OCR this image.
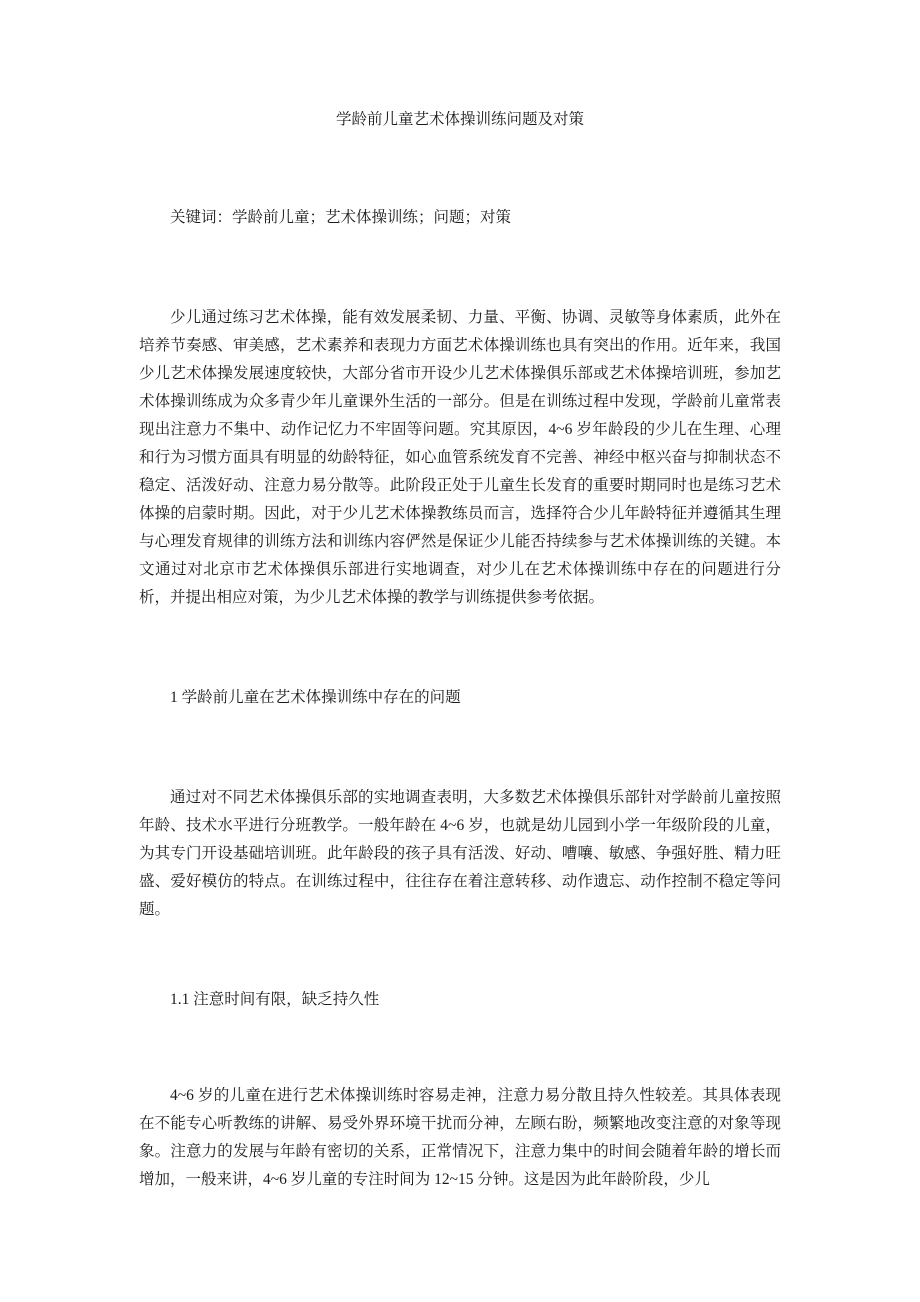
学龄前儿童艺术体操训练问题及对策

关键词：学龄前儿童；艺术体操训练；问题；对策

少儿通过练习艺术体操，能有效发展柔韧、力量、平衡、协调、灵敏等身体素质，此外在培养节奏感、审美感，艺术素养和表现力方面艺术体操训练也具有突出的作用。近年来，我国少儿艺术体操发展速度较快，大部分省市开设少儿艺术体操俱乐部或艺术体操培训班，参加艺术体操训练成为众多青少年儿童课外生活的一部分。但是在训练过程中发现，学龄前儿童常表现出注意力不集中、动作记忆力不牢固等问题。究其原因，4~6 岁年龄段的少儿在生理、心理和行为习惯方面具有明显的幼龄特征，如心血管系统发育不完善、神经中枢兴奋与抑制状态不稳定、活泼好动、注意力易分散等。此阶段正处于儿童生长发育的重要时期同时也是练习艺术体操的启蒙时期。因此，对于少儿艺术体操教练员而言，选择符合少儿年龄特征并遵循其生理与心理发育规律的训练方法和训练内容俨然是保证少儿能否持续参与艺术体操训练的关键。本文通过对北京市艺术体操俱乐部进行实地调查，对少儿在艺术体操训练中存在的问题进行分析，并提出相应对策，为少儿艺术体操的教学与训练提供参考依据。

1 学龄前儿童在艺术体操训练中存在的问题

通过对不同艺术体操俱乐部的实地调查表明，大多数艺术体操俱乐部针对学龄前儿童按照年龄、技术水平进行分班教学。一般年龄在 4~6 岁，也就是幼儿园到小学一年级阶段的儿童，为其专门开设基础培训班。此年龄段的孩子具有活泼、好动、嘈嚷、敏感、争强好胜、精力旺盛、爱好模仿的特点。在训练过程中，往往存在着注意转移、动作遗忘、动作控制不稳定等问题。

1.1 注意时间有限，缺乏持久性

4~6 岁的儿童在进行艺术体操训练时容易走神，注意力易分散且持久性较差。其具体表现在不能专心听教练的讲解、易受外界环境干扰而分神，左顾右盼，频繁地改变注意的对象等现象。注意力的发展与年龄有密切的关系，正常情况下，注意力集中的时间会随着年龄的增长而增加，一般来讲，4~6 岁儿童的专注时间为 12~15 分钟。这是因为此年龄阶段，少儿
